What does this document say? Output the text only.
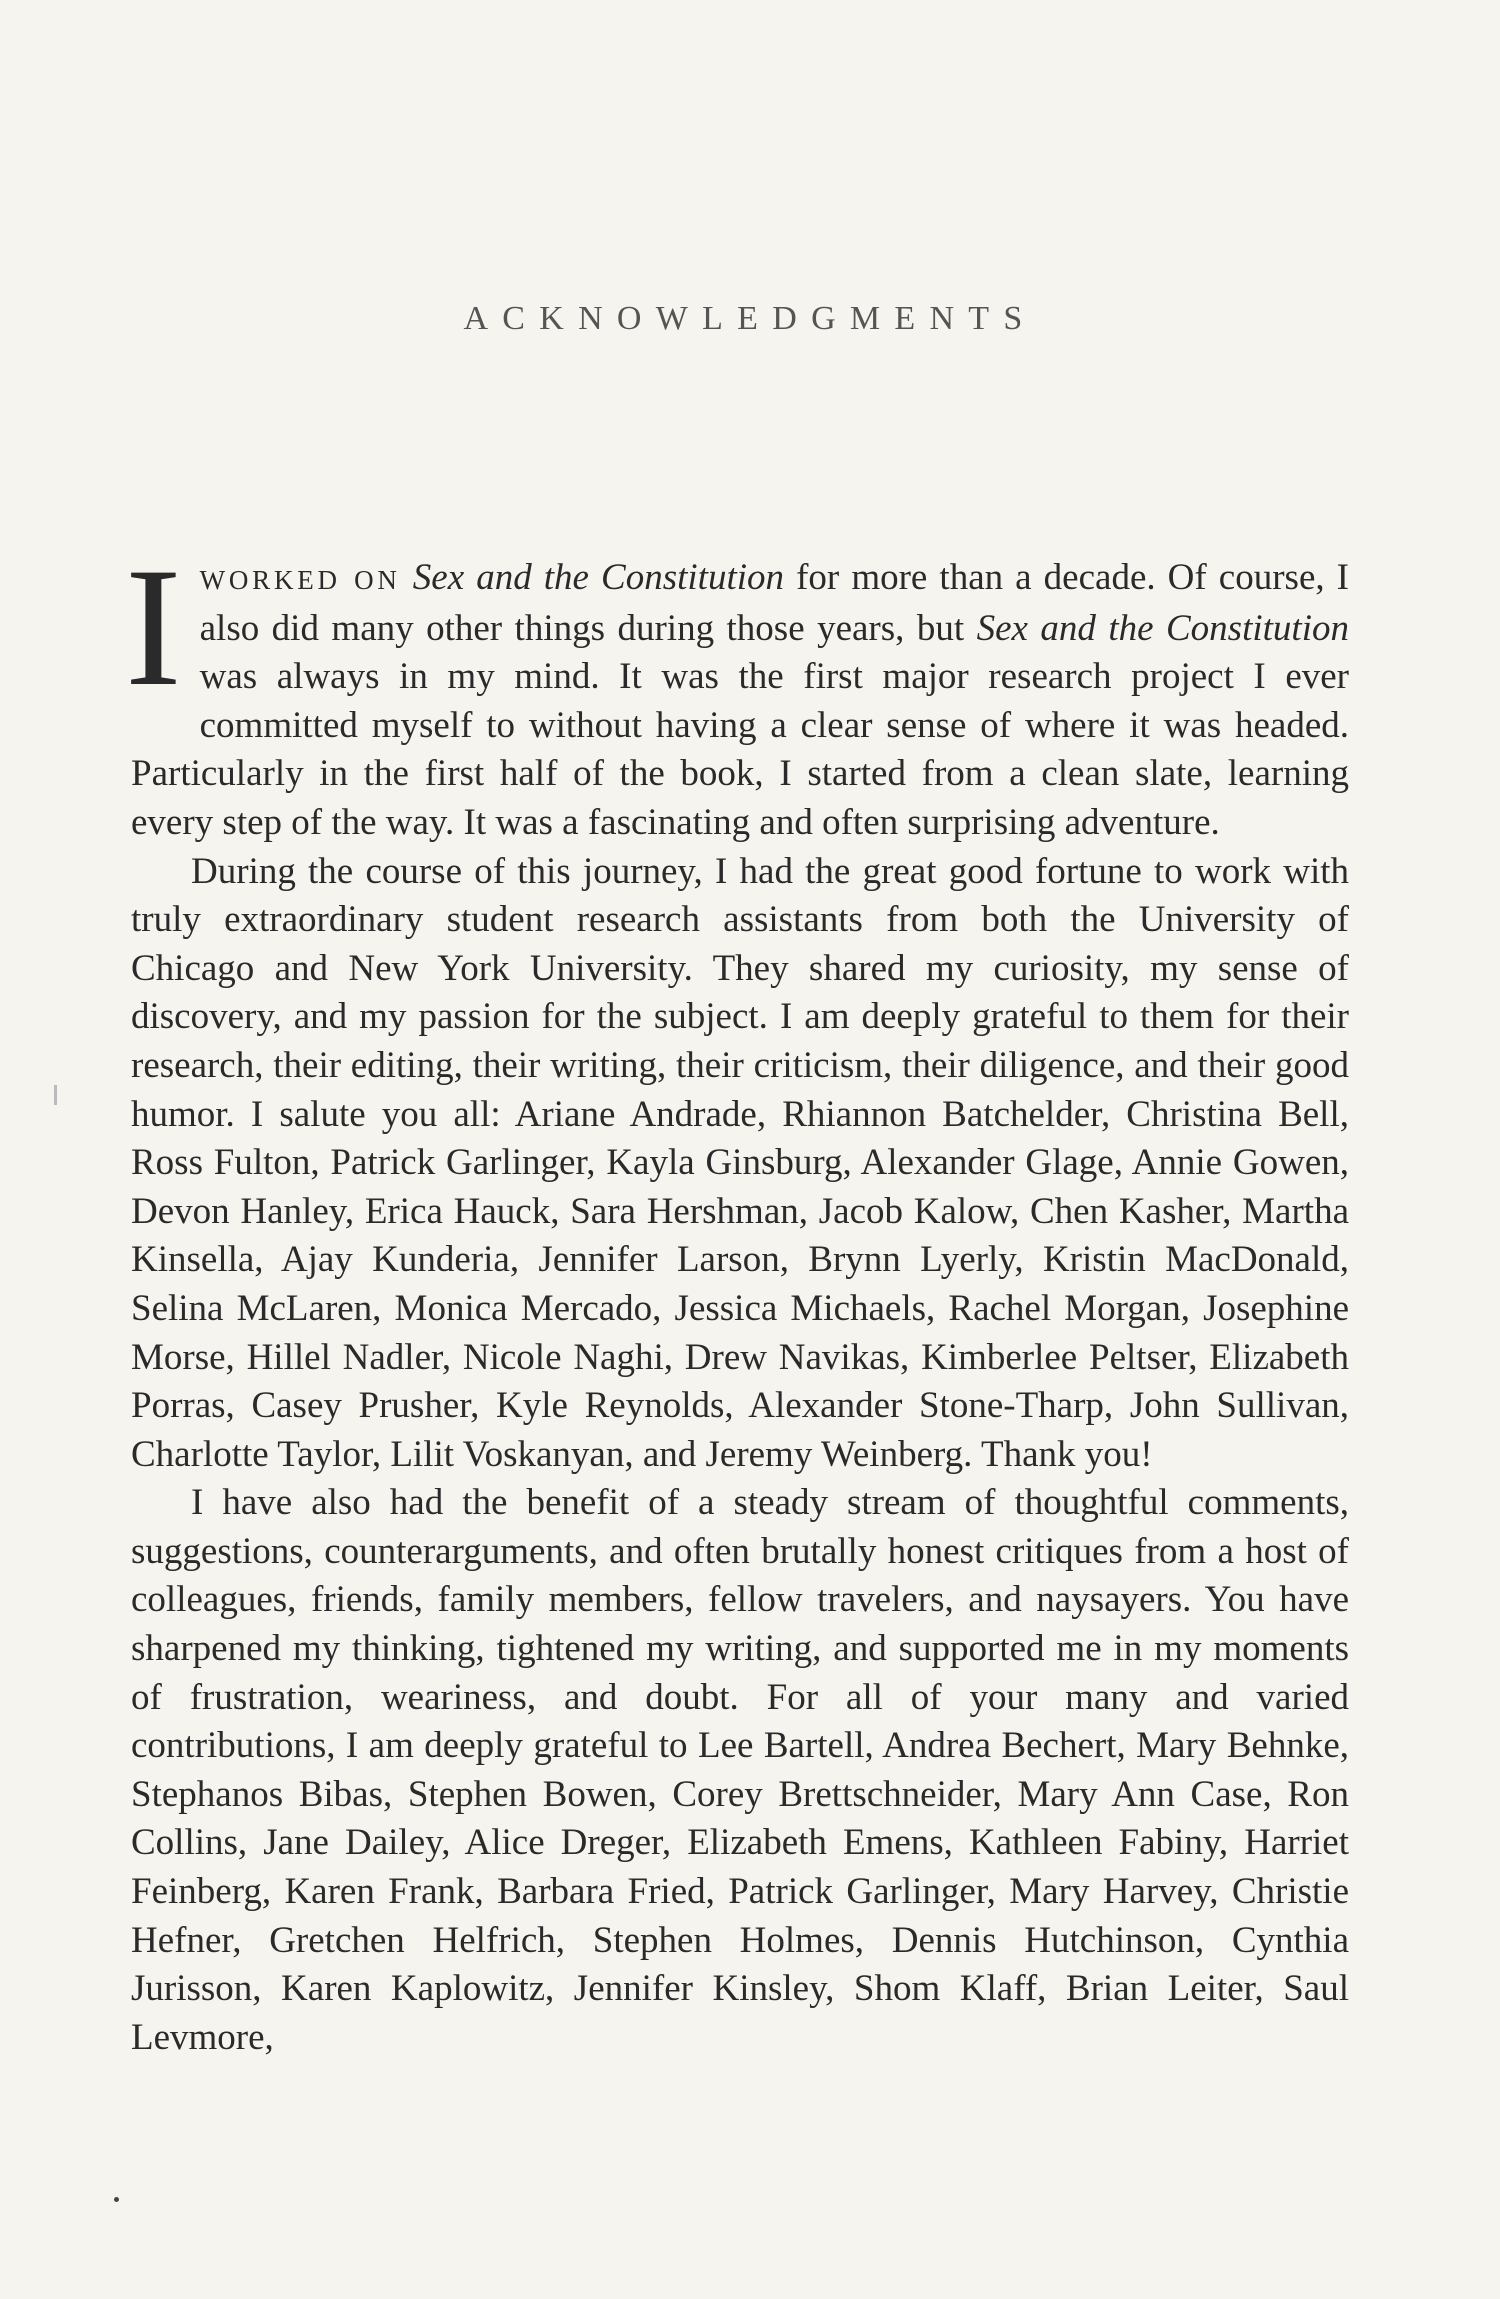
ACKNOWLEDGMENTS

IWORKED ON Sex and the Constitution for more than a decade. Of course, I also did many other things during those years, but Sex and the Constitution was always in my mind. It was the first major research project I ever committed myself to without having a clear sense of where it was headed. Particularly in the first half of the book, I started from a clean slate, learning every step of the way. It was a fascinating and often surprising adventure.

During the course of this journey, I had the great good fortune to work with truly extraordinary student research assistants from both the University of Chicago and New York University. They shared my curiosity, my sense of discovery, and my passion for the subject. I am deeply grateful to them for their research, their editing, their writing, their criticism, their diligence, and their good humor. I salute you all: Ariane Andrade, Rhiannon Batchelder, Christina Bell, Ross Fulton, Patrick Garlinger, Kayla Ginsburg, Alexander Glage, Annie Gowen, Devon Hanley, Erica Hauck, Sara Hershman, Jacob Kalow, Chen Kasher, Martha Kinsella, Ajay Kunderia, Jennifer Larson, Brynn Lyerly, Kristin MacDonald, Selina McLaren, Monica Mercado, Jessica Michaels, Rachel Morgan, Josephine Morse, Hillel Nadler, Nicole Naghi, Drew Navikas, Kimberlee Peltser, Elizabeth Porras, Casey Prusher, Kyle Reynolds, Alexander Stone-Tharp, John Sullivan, Charlotte Taylor, Lilit Voskanyan, and Jeremy Weinberg. Thank you!

I have also had the benefit of a steady stream of thoughtful comments, suggestions, counterarguments, and often brutally honest critiques from a host of colleagues, friends, family members, fellow travelers, and naysayers. You have sharpened my thinking, tightened my writing, and supported me in my moments of frustration, weariness, and doubt. For all of your many and varied contributions, I am deeply grateful to Lee Bartell, Andrea Bechert, Mary Behnke, Stephanos Bibas, Stephen Bowen, Corey Brettschneider, Mary Ann Case, Ron Collins, Jane Dailey, Alice Dreger, Elizabeth Emens, Kathleen Fabiny, Harriet Feinberg, Karen Frank, Barbara Fried, Patrick Garlinger, Mary Harvey, Christie Hefner, Gretchen Helfrich, Stephen Holmes, Dennis Hutchinson, Cynthia Jurisson, Karen Kaplowitz, Jennifer Kinsley, Shom Klaff, Brian Leiter, Saul Levmore,
